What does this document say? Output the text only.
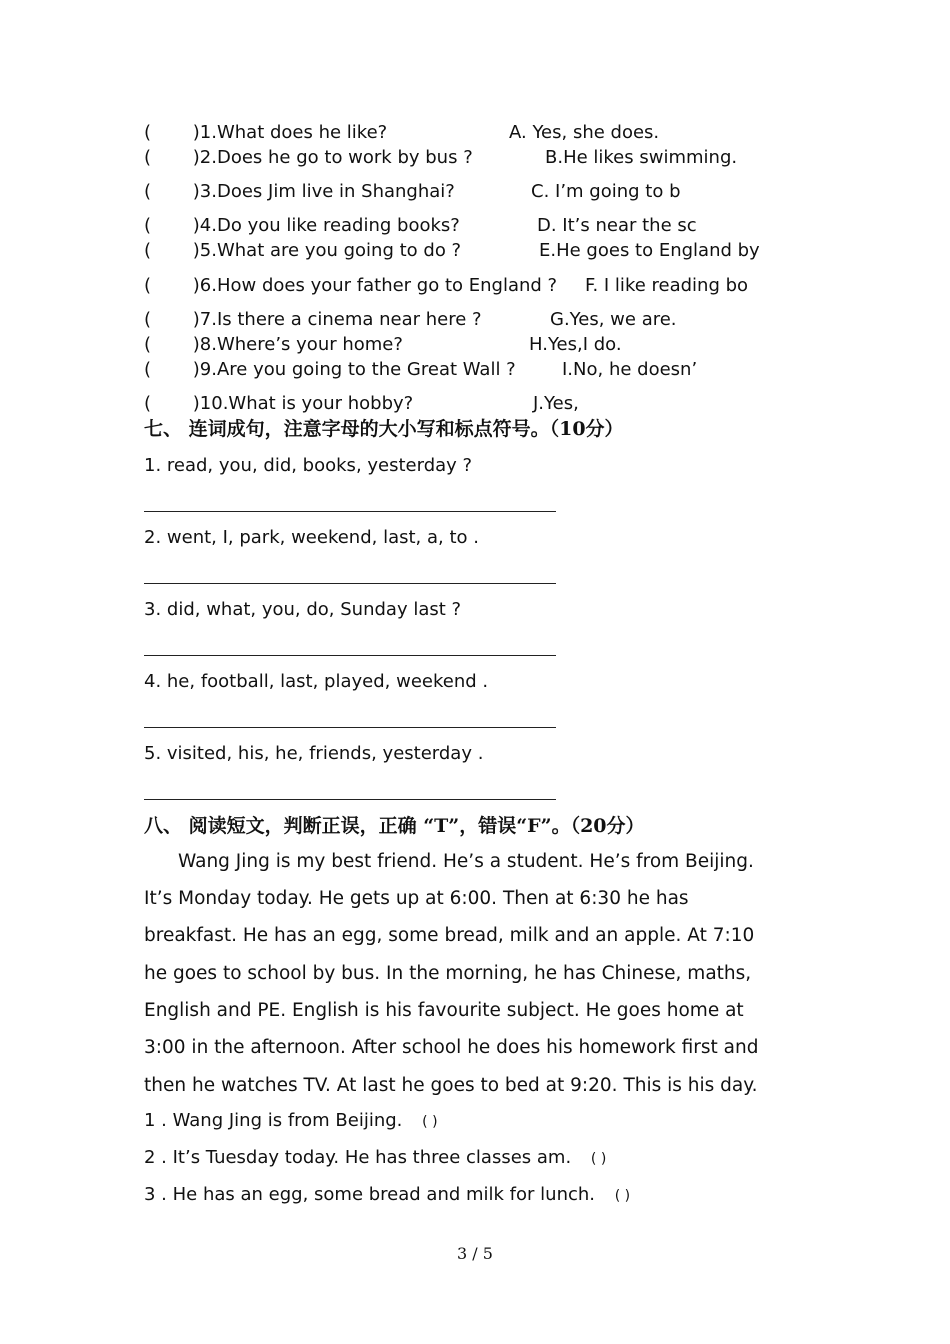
( )1.What does he like?	A. Yes, she does.
( )2.Does he go to work by bus ?	B.He likes swimming.
( )3.Does Jim live in Shanghai?	C. I’m going to b
( )4.Do you like reading books?	D. It’s near the sc
( )5.What are you going to do ?	E.He goes to England by
( )6.How does your father go to England ? F. I like reading bo
( )7.Is there a cinema near here ?	G.Yes, we are.
( )8.Where’s your home?	H.Yes,I do.
( )9.Are you going to the Great Wall ?	I.No, he doesn’
( )10.What is your hobby?	J.Yes,
七、 连词成句，注意字母的大小写和标点符号。（10分）
1. read, you, did, books, yesterday ?
2. went, I, park, weekend, last, a, to .
3. did, what, you, do, Sunday last ?
4. he, football, last, played, weekend .
5. visited, his, he, friends, yesterday .
八、 阅读短文，判断正误，正确 “T”，错误“F”。（20分）
Wang Jing is my best friend. He’s a student. He’s from Beijing.
It’s Monday today. He gets up at 6:00. Then at 6:30 he has
breakfast. He has an egg, some bread, milk and an apple. At 7:10
he goes to school by bus. In the morning, he has Chinese, maths,
English and PE. English is his favourite subject. He goes home at
3:00 in the afternoon. After school he does his homework first and
then he watches TV. At last he goes to bed at 9:20. This is his day.
1 . Wang Jing is from Beijing. ( )
2 . It’s Tuesday today. He has three classes am. ( )
3 . He has an egg, some bread and milk for lunch. ( )
3 / 5
